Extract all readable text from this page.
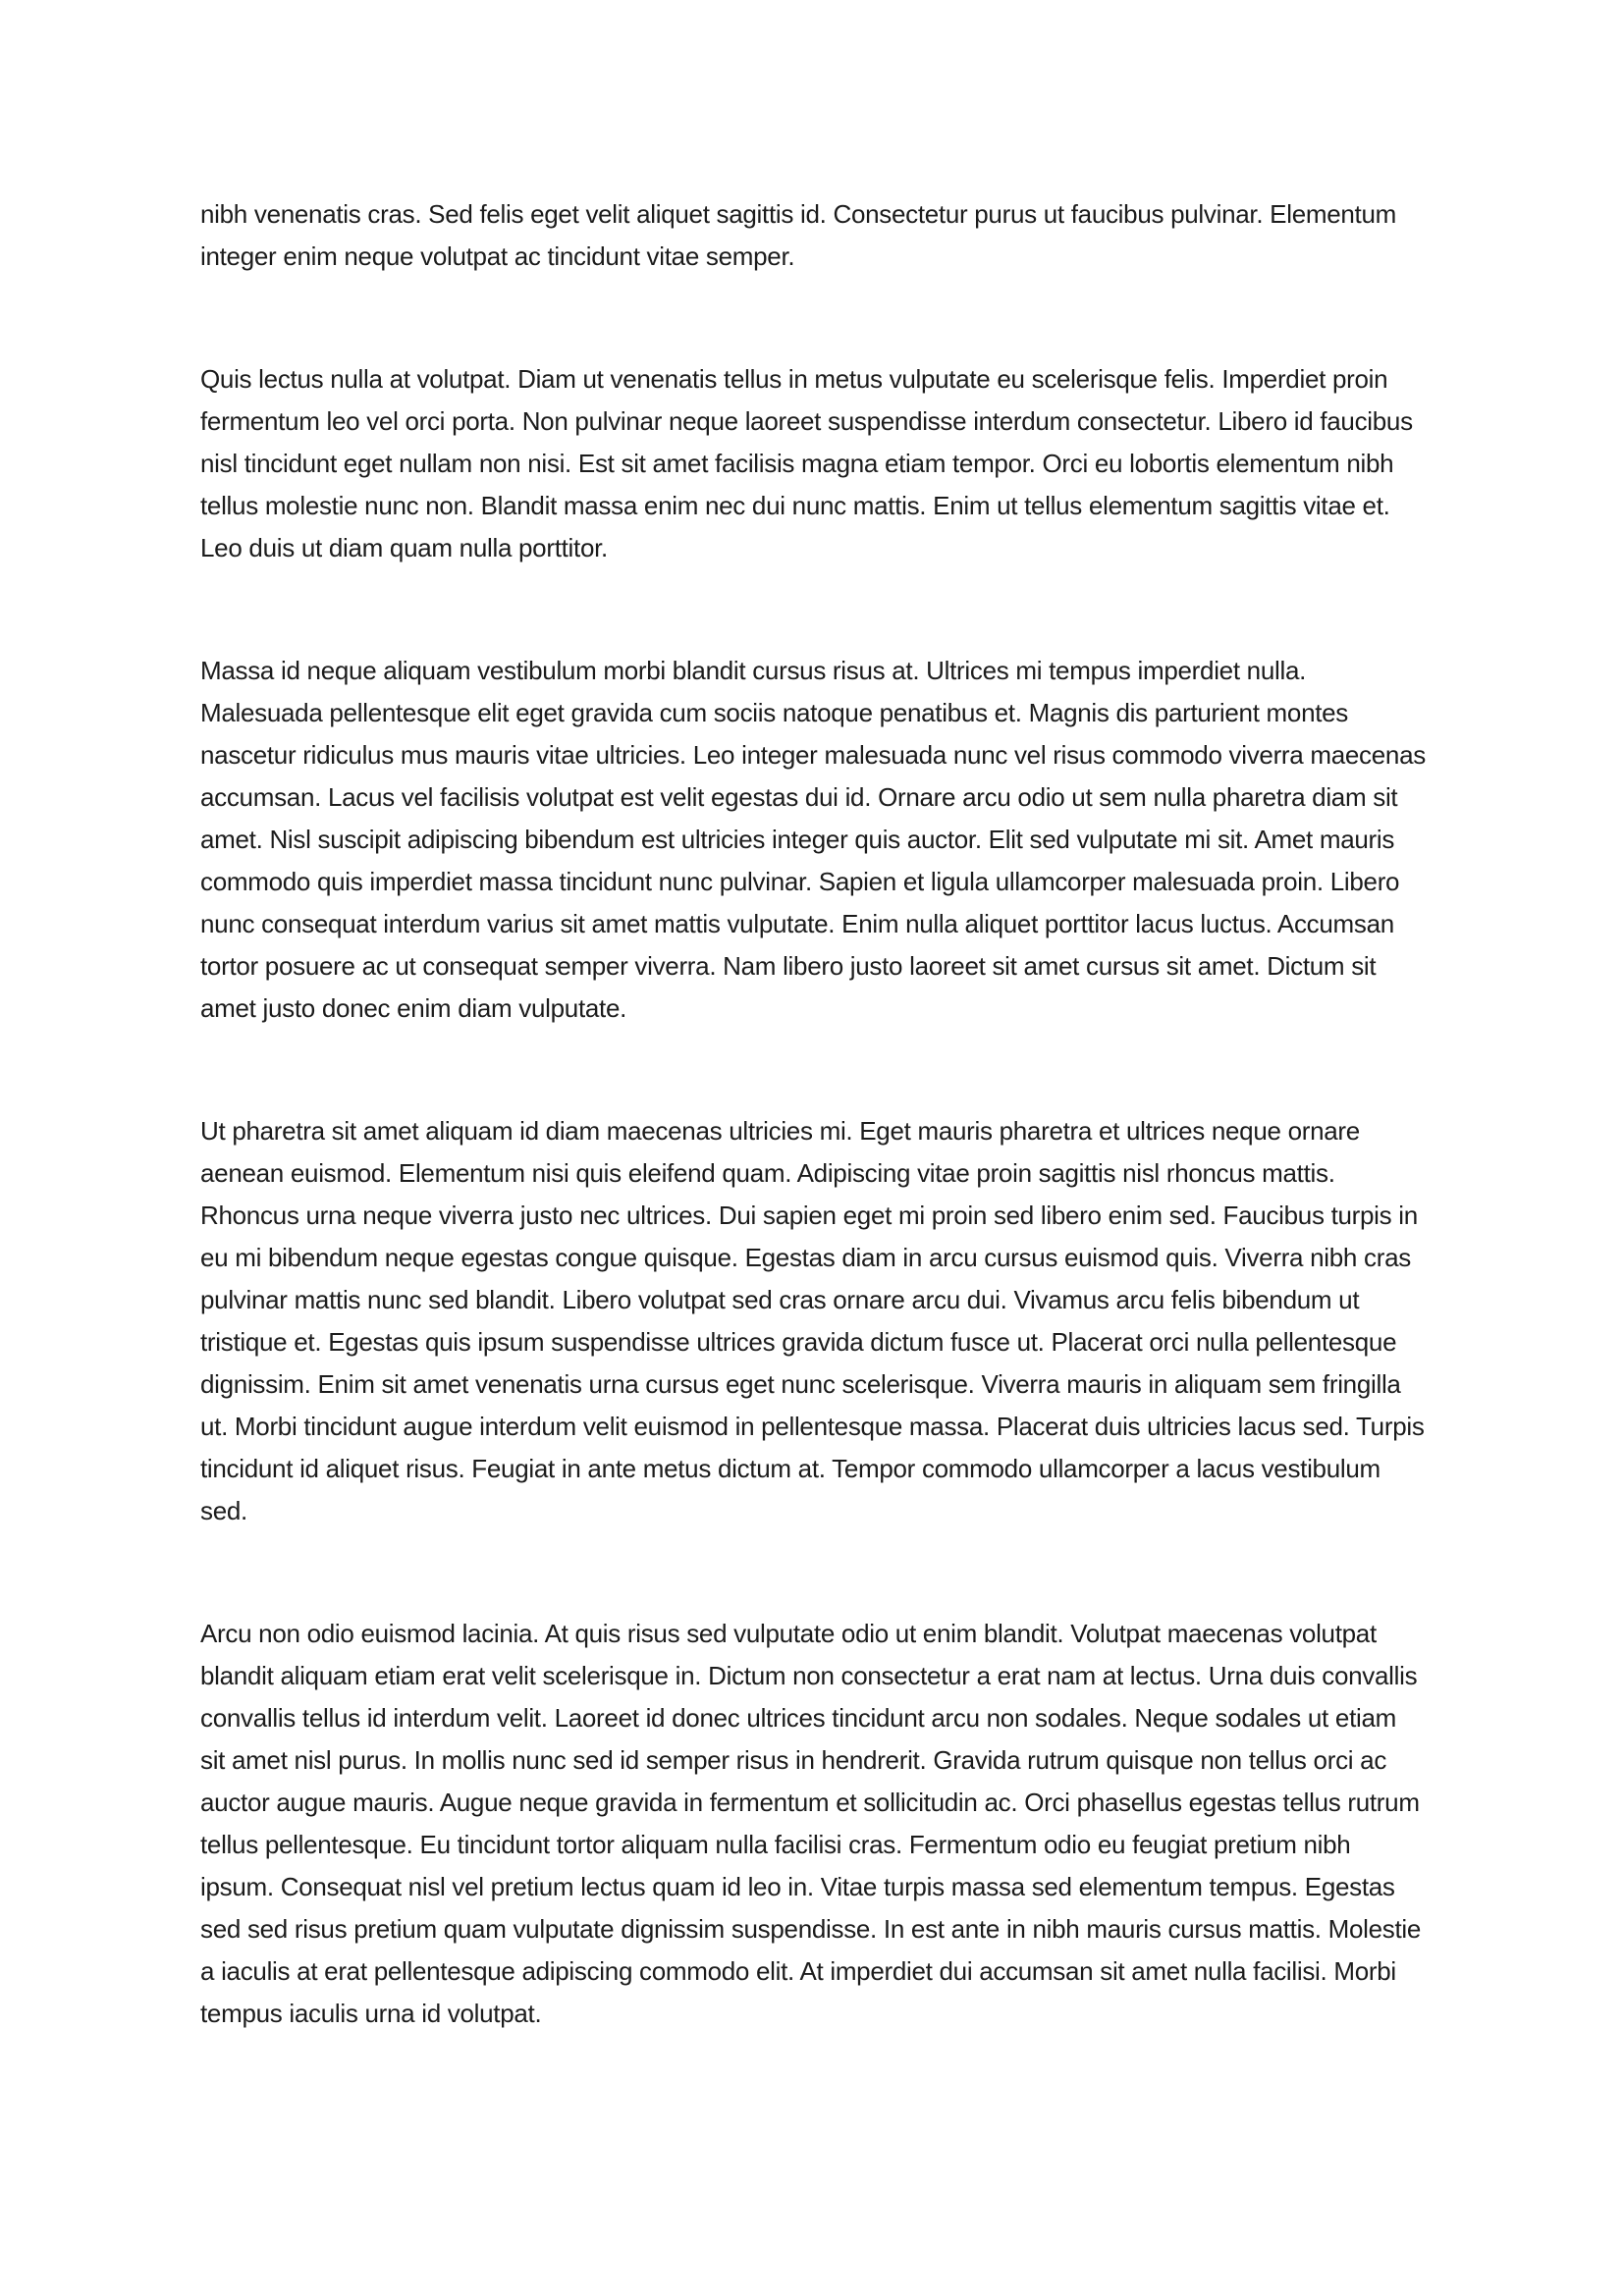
nibh venenatis cras. Sed felis eget velit aliquet sagittis id. Consectetur purus ut faucibus pulvinar. Elementum integer enim neque volutpat ac tincidunt vitae semper.

Quis lectus nulla at volutpat. Diam ut venenatis tellus in metus vulputate eu scelerisque felis. Imperdiet proin fermentum leo vel orci porta. Non pulvinar neque laoreet suspendisse interdum consectetur. Libero id faucibus nisl tincidunt eget nullam non nisi. Est sit amet facilisis magna etiam tempor. Orci eu lobortis elementum nibh tellus molestie nunc non. Blandit massa enim nec dui nunc mattis. Enim ut tellus elementum sagittis vitae et. Leo duis ut diam quam nulla porttitor.

Massa id neque aliquam vestibulum morbi blandit cursus risus at. Ultrices mi tempus imperdiet nulla. Malesuada pellentesque elit eget gravida cum sociis natoque penatibus et. Magnis dis parturient montes nascetur ridiculus mus mauris vitae ultricies. Leo integer malesuada nunc vel risus commodo viverra maecenas accumsan. Lacus vel facilisis volutpat est velit egestas dui id. Ornare arcu odio ut sem nulla pharetra diam sit amet. Nisl suscipit adipiscing bibendum est ultricies integer quis auctor. Elit sed vulputate mi sit. Amet mauris commodo quis imperdiet massa tincidunt nunc pulvinar. Sapien et ligula ullamcorper malesuada proin. Libero nunc consequat interdum varius sit amet mattis vulputate. Enim nulla aliquet porttitor lacus luctus. Accumsan tortor posuere ac ut consequat semper viverra. Nam libero justo laoreet sit amet cursus sit amet. Dictum sit amet justo donec enim diam vulputate.

Ut pharetra sit amet aliquam id diam maecenas ultricies mi. Eget mauris pharetra et ultrices neque ornare aenean euismod. Elementum nisi quis eleifend quam. Adipiscing vitae proin sagittis nisl rhoncus mattis. Rhoncus urna neque viverra justo nec ultrices. Dui sapien eget mi proin sed libero enim sed. Faucibus turpis in eu mi bibendum neque egestas congue quisque. Egestas diam in arcu cursus euismod quis. Viverra nibh cras pulvinar mattis nunc sed blandit. Libero volutpat sed cras ornare arcu dui. Vivamus arcu felis bibendum ut tristique et. Egestas quis ipsum suspendisse ultrices gravida dictum fusce ut. Placerat orci nulla pellentesque dignissim. Enim sit amet venenatis urna cursus eget nunc scelerisque. Viverra mauris in aliquam sem fringilla ut. Morbi tincidunt augue interdum velit euismod in pellentesque massa. Placerat duis ultricies lacus sed. Turpis tincidunt id aliquet risus. Feugiat in ante metus dictum at. Tempor commodo ullamcorper a lacus vestibulum sed.

Arcu non odio euismod lacinia. At quis risus sed vulputate odio ut enim blandit. Volutpat maecenas volutpat blandit aliquam etiam erat velit scelerisque in. Dictum non consectetur a erat nam at lectus. Urna duis convallis convallis tellus id interdum velit. Laoreet id donec ultrices tincidunt arcu non sodales. Neque sodales ut etiam sit amet nisl purus. In mollis nunc sed id semper risus in hendrerit. Gravida rutrum quisque non tellus orci ac auctor augue mauris. Augue neque gravida in fermentum et sollicitudin ac. Orci phasellus egestas tellus rutrum tellus pellentesque. Eu tincidunt tortor aliquam nulla facilisi cras. Fermentum odio eu feugiat pretium nibh ipsum. Consequat nisl vel pretium lectus quam id leo in. Vitae turpis massa sed elementum tempus. Egestas sed sed risus pretium quam vulputate dignissim suspendisse. In est ante in nibh mauris cursus mattis. Molestie a iaculis at erat pellentesque adipiscing commodo elit. At imperdiet dui accumsan sit amet nulla facilisi. Morbi tempus iaculis urna id volutpat.
